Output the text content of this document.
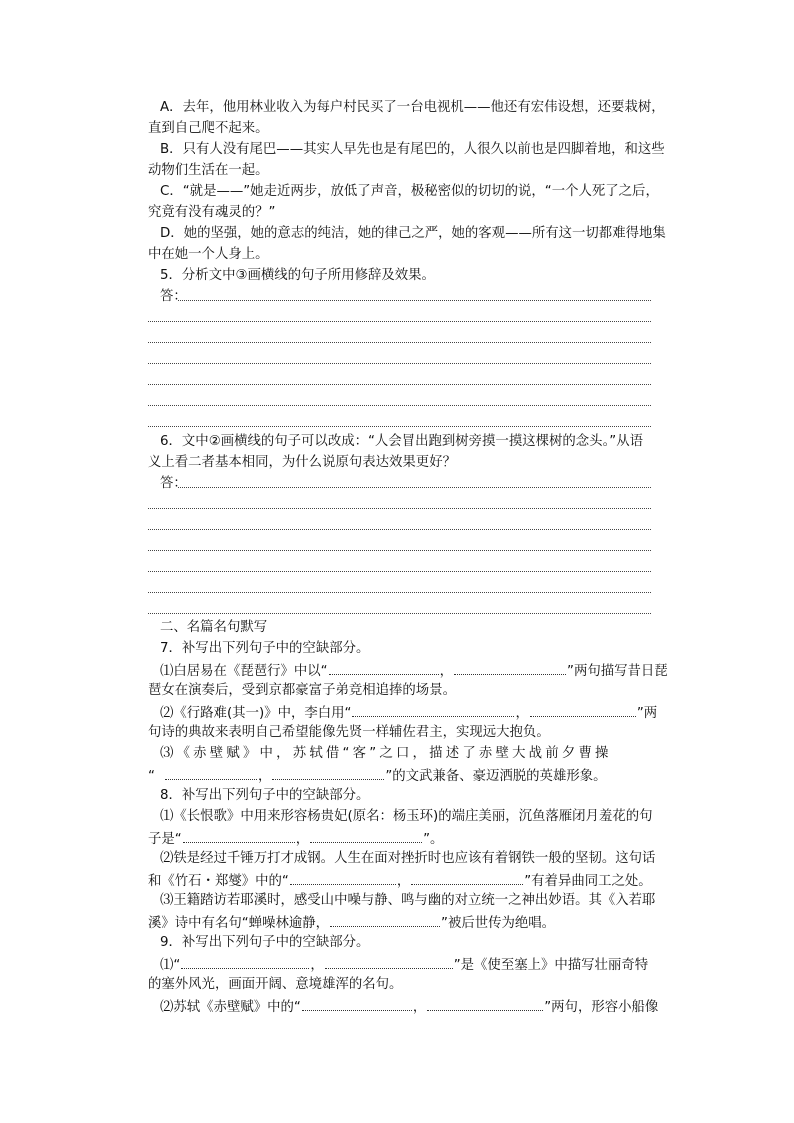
A．去年，他用林业收入为每户村民买了一台电视机——他还有宏伟设想，还要栽树，
直到自己爬不起来。
B．只有人没有尾巴——其实人早先也是有尾巴的，人很久以前也是四脚着地，和这些
动物们生活在一起。
C．“就是——”她走近两步，放低了声音，极秘密似的切切的说，“一个人死了之后，
究竟有没有魂灵的？”
D．她的坚强，她的意志的纯洁，她的律己之严，她的客观——所有这一切都难得地集
中在她一个人身上。
5．分析文中③画横线的句子所用修辞及效果。
答：
6．文中②画横线的句子可以改成：“人会冒出跑到树旁摸一摸这棵树的念头。”从语
义上看二者基本相同，为什么说原句表达效果更好？
答：
二、名篇名句默写
7．补写出下列句子中的空缺部分。
⑴白居易在《琵琶行》中以“	，	”两句描写昔日琵
琶女在演奏后，受到京都豪富子弟竞相追捧的场景。
⑵《行路难(其一)》中，李白用“	，	”两
句诗的典故来表明自己希望能像先贤一样辅佐君主，实现远大抱负。
⑶《赤壁赋》中，苏轼借“客”之口，描述了赤壁大战前夕曹操
“	，	”的文武兼备、豪迈洒脱的英雄形象。
8．补写出下列句子中的空缺部分。
⑴《长恨歌》中用来形容杨贵妃(原名：杨玉环)的端庄美丽，沉鱼落雁闭月羞花的句
子是“	，	”。
⑵铁是经过千锤万打才成钢。人生在面对挫折时也应该有着钢铁一般的坚韧。这句话
和《竹石・郑燮》中的“	，	”有着异曲同工之处。
⑶王籍踏访若耶溪时，感受山中噪与静、鸣与幽的对立统一之神出妙语。其《入若耶
溪》诗中有名句“蝉噪林逾静，	”被后世传为绝唱。
9．补写出下列句子中的空缺部分。
⑴“	，	”是《使至塞上》中描写壮丽奇特
的塞外风光，画面开阔、意境雄浑的名句。
⑵苏轼《赤壁赋》中的“	，	”两句，形容小船像
